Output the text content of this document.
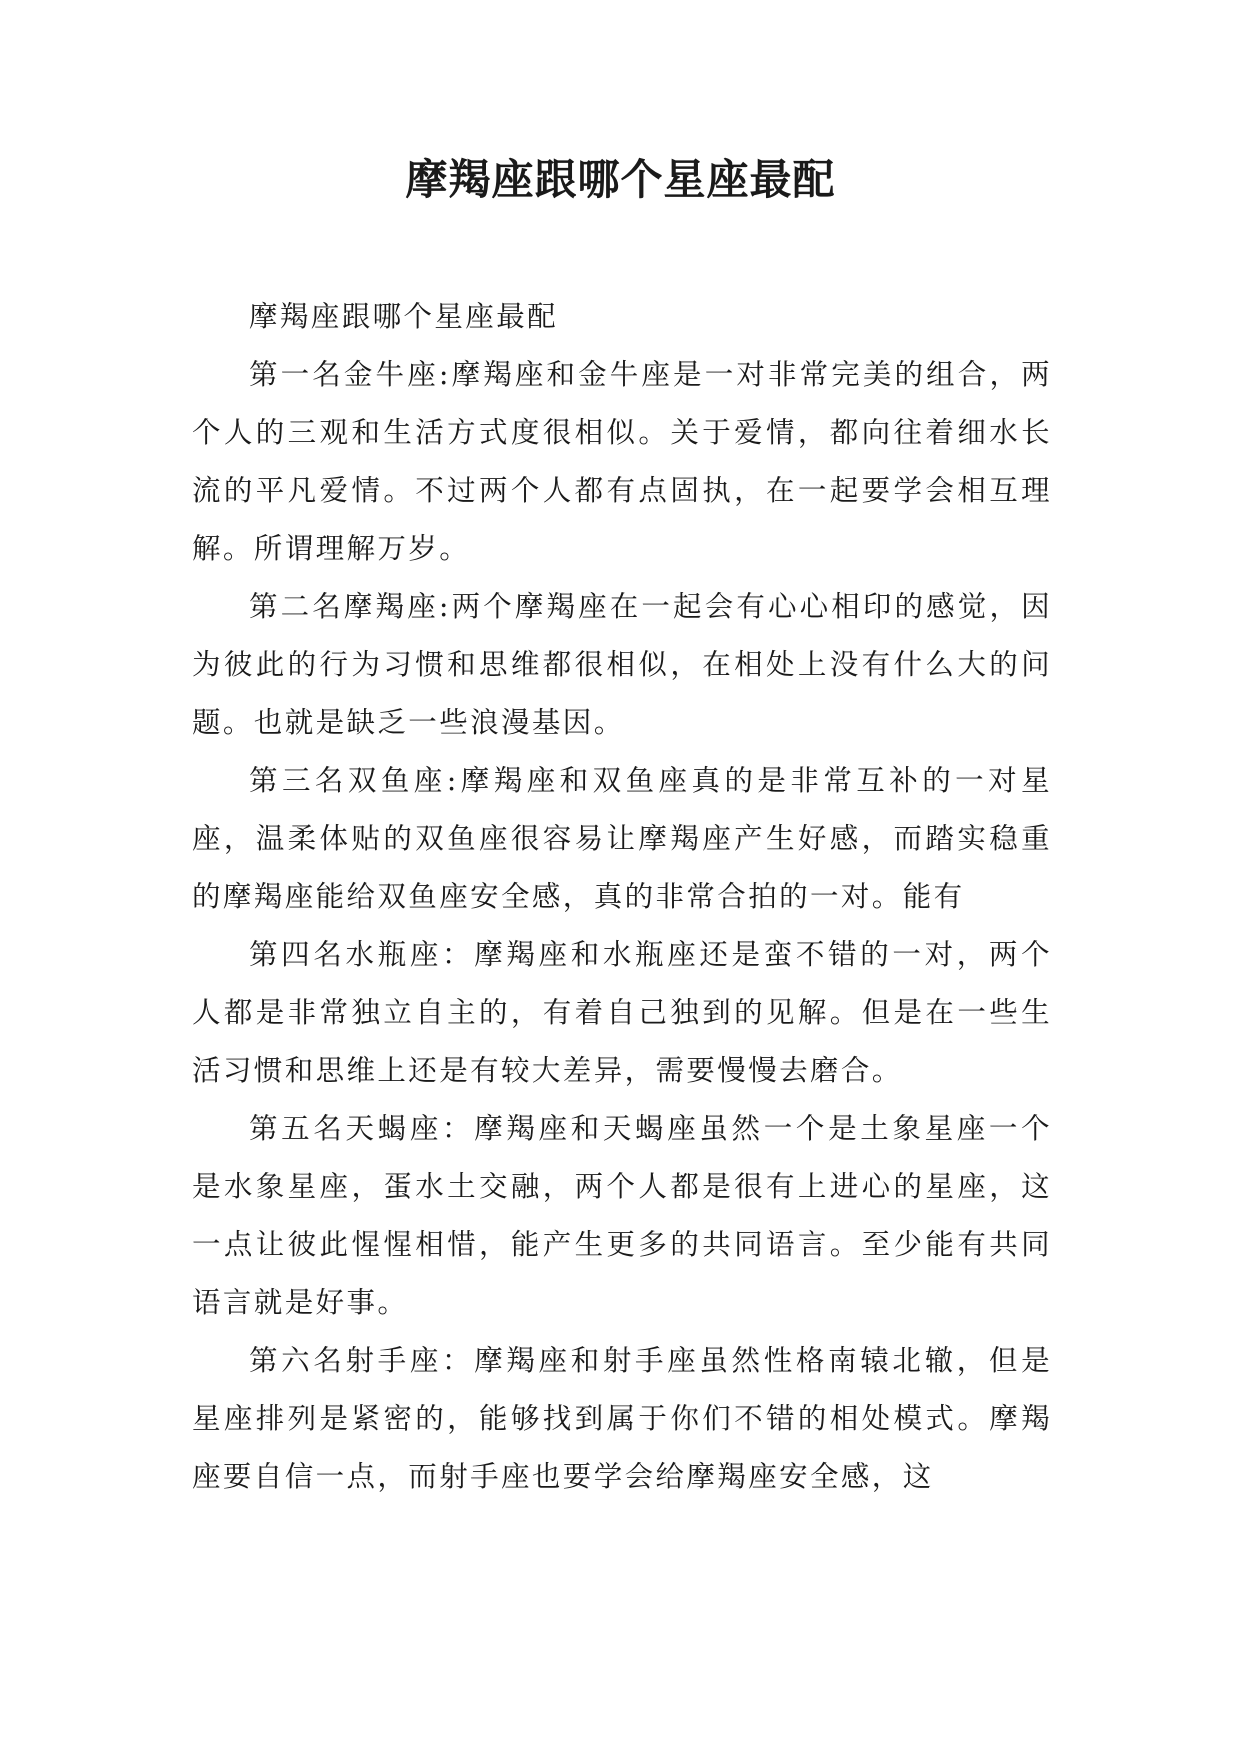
摩羯座跟哪个星座最配

摩羯座跟哪个星座最配

第一名金牛座:摩羯座和金牛座是一对非常完美的组合，两个人的三观和生活方式度很相似。关于爱情，都向往着细水长流的平凡爱情。不过两个人都有点固执，在一起要学会相互理解。所谓理解万岁。

第二名摩羯座:两个摩羯座在一起会有心心相印的感觉，因为彼此的行为习惯和思维都很相似，在相处上没有什么大的问题。也就是缺乏一些浪漫基因。

第三名双鱼座:摩羯座和双鱼座真的是非常互补的一对星座，温柔体贴的双鱼座很容易让摩羯座产生好感，而踏实稳重的摩羯座能给双鱼座安全感，真的非常合拍的一对。能有

第四名水瓶座：摩羯座和水瓶座还是蛮不错的一对，两个人都是非常独立自主的，有着自己独到的见解。但是在一些生活习惯和思维上还是有较大差异，需要慢慢去磨合。

第五名天蝎座：摩羯座和天蝎座虽然一个是土象星座一个是水象星座，蛋水土交融，两个人都是很有上进心的星座，这一点让彼此惺惺相惜，能产生更多的共同语言。至少能有共同语言就是好事。

第六名射手座：摩羯座和射手座虽然性格南辕北辙，但是星座排列是紧密的，能够找到属于你们不错的相处模式。摩羯座要自信一点，而射手座也要学会给摩羯座安全感，这
